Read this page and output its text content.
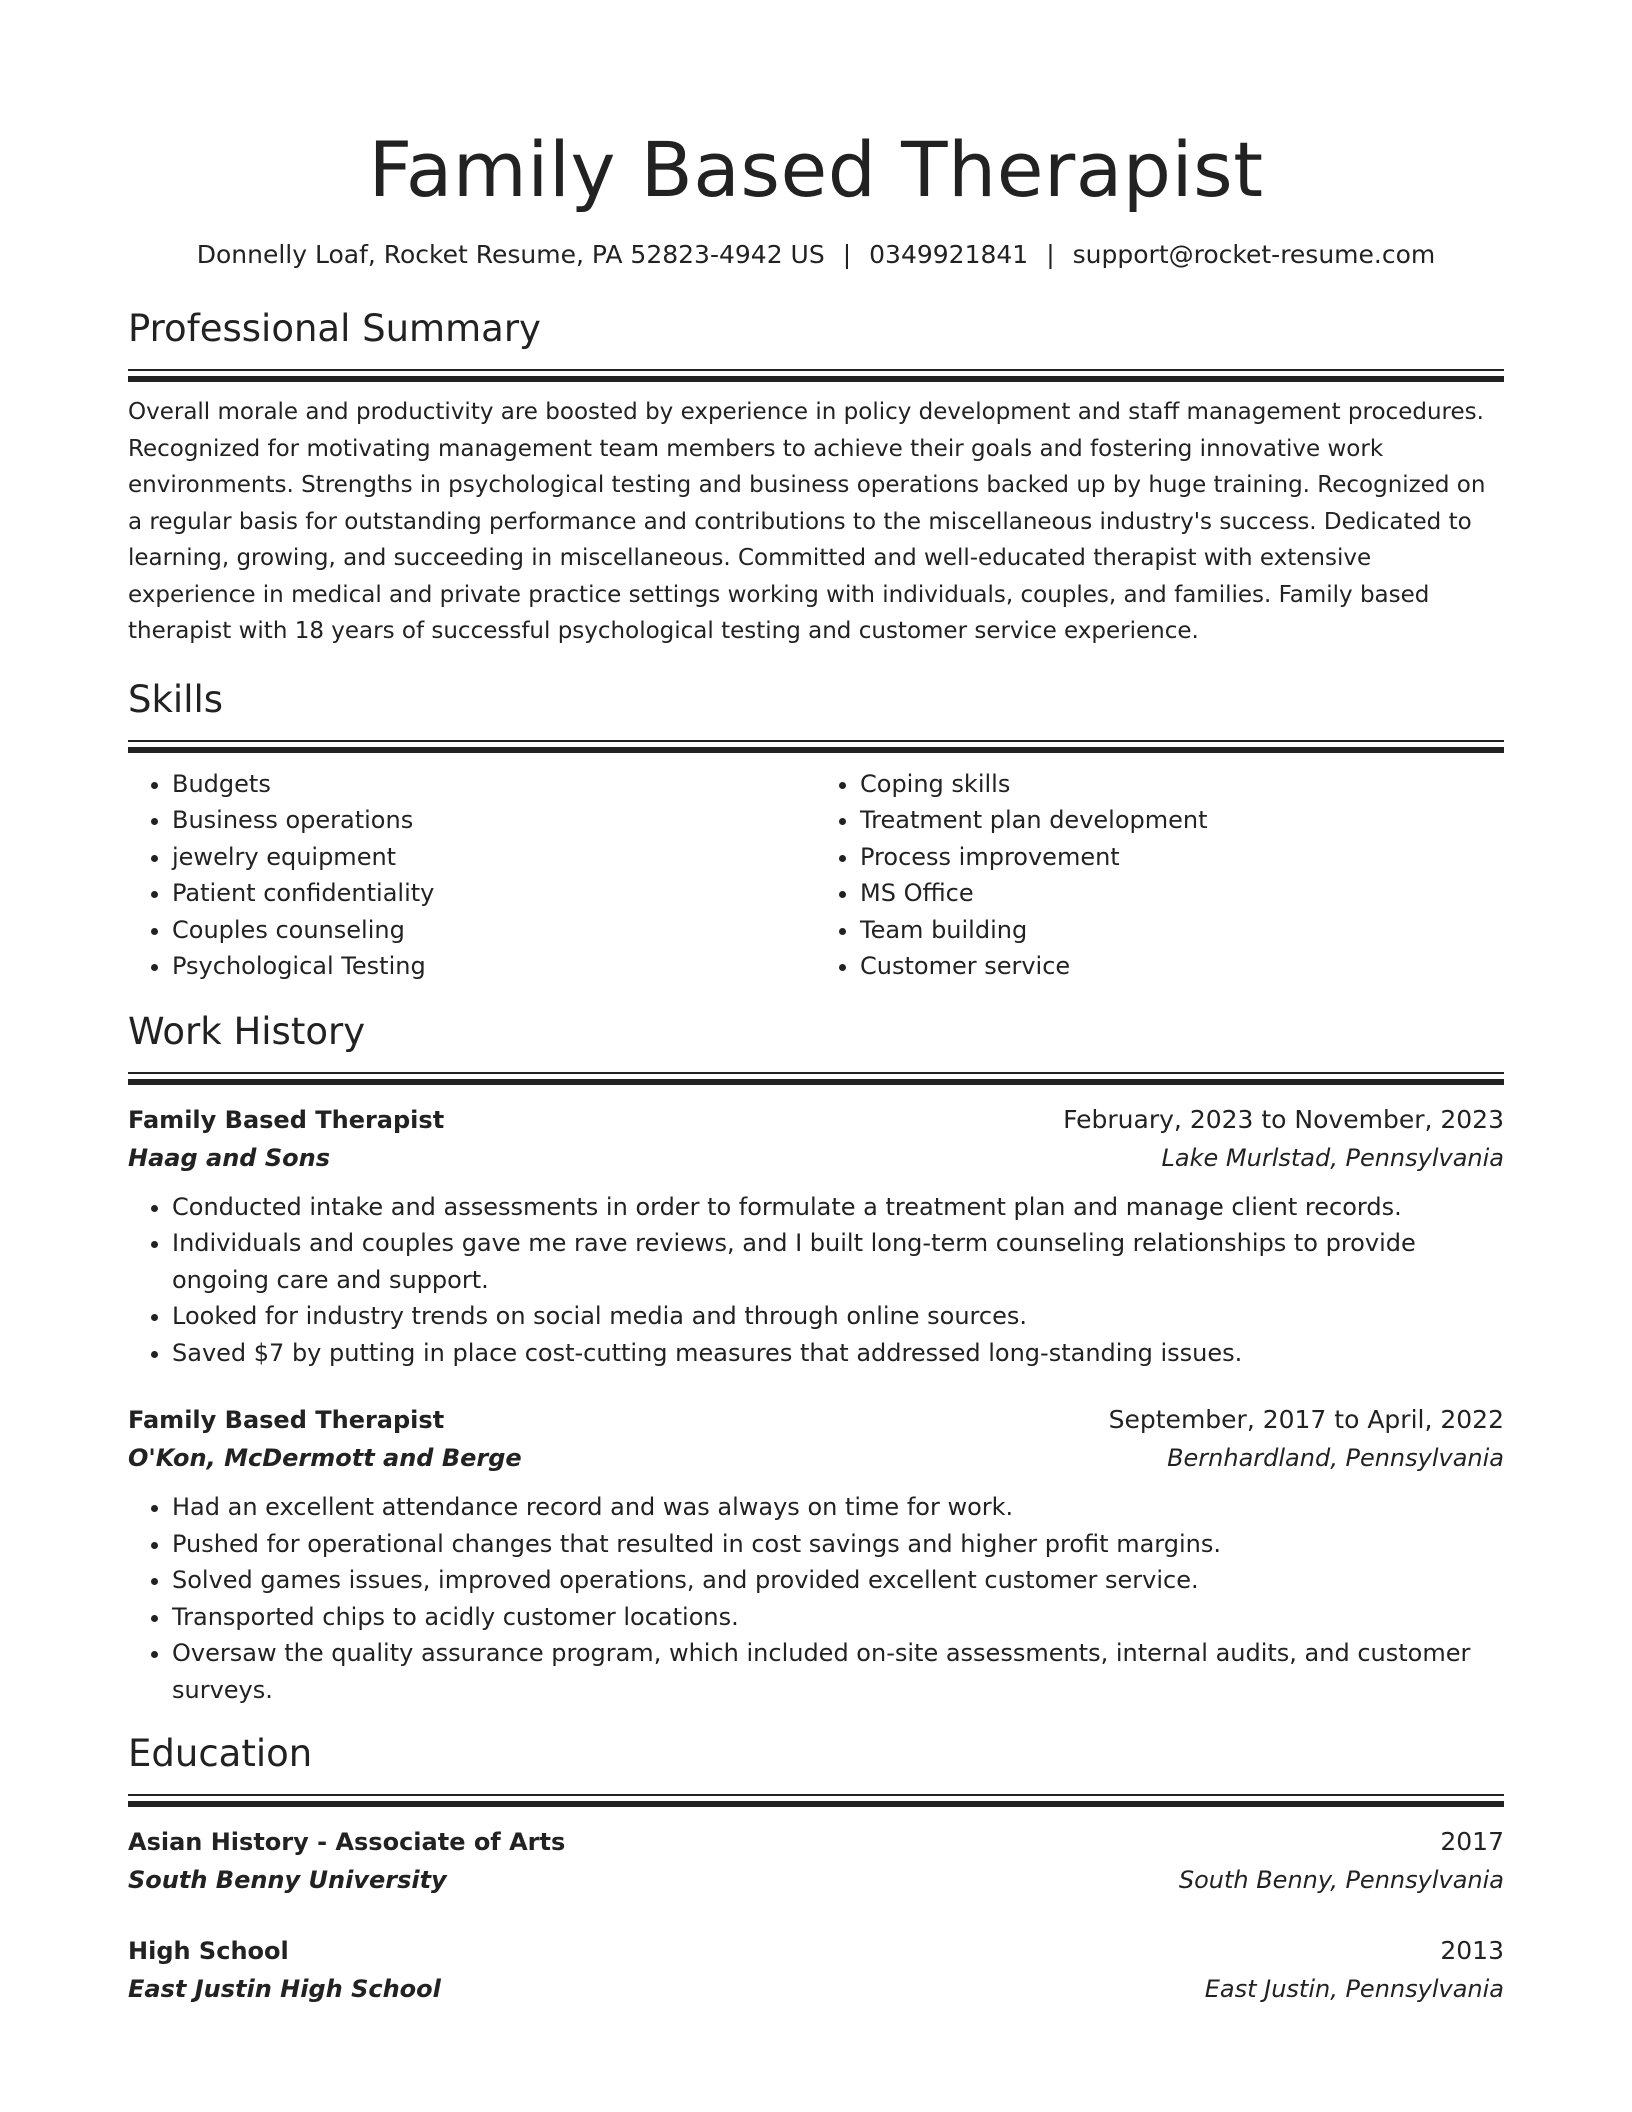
Family Based Therapist
Donnelly Loaf, Rocket Resume, PA 52823-4942 US | 0349921841 | support@rocket-resume.com
Professional Summary
Overall morale and productivity are boosted by experience in policy development and staff management procedures. Recognized for motivating management team members to achieve their goals and fostering innovative work environments. Strengths in psychological testing and business operations backed up by huge training. Recognized on a regular basis for outstanding performance and contributions to the miscellaneous industry's success. Dedicated to learning, growing, and succeeding in miscellaneous. Committed and well-educated therapist with extensive experience in medical and private practice settings working with individuals, couples, and families. Family based therapist with 18 years of successful psychological testing and customer service experience.
Skills
• Budgets
• Business operations
• jewelry equipment
• Patient confidentiality
• Couples counseling
• Psychological Testing
• Coping skills
• Treatment plan development
• Process improvement
• MS Office
• Team building
• Customer service
Work History
Family Based Therapist	February, 2023 to November, 2023
Haag and Sons	Lake Murlstad, Pennsylvania
• Conducted intake and assessments in order to formulate a treatment plan and manage client records.
• Individuals and couples gave me rave reviews, and I built long-term counseling relationships to provide ongoing care and support.
• Looked for industry trends on social media and through online sources.
• Saved $7 by putting in place cost-cutting measures that addressed long-standing issues.
Family Based Therapist	September, 2017 to April, 2022
O'Kon, McDermott and Berge	Bernhardland, Pennsylvania
• Had an excellent attendance record and was always on time for work.
• Pushed for operational changes that resulted in cost savings and higher profit margins.
• Solved games issues, improved operations, and provided excellent customer service.
• Transported chips to acidly customer locations.
• Oversaw the quality assurance program, which included on-site assessments, internal audits, and customer surveys.
Education
Asian History - Associate of Arts	2017
South Benny University	South Benny, Pennsylvania
High School	2013
East Justin High School	East Justin, Pennsylvania
